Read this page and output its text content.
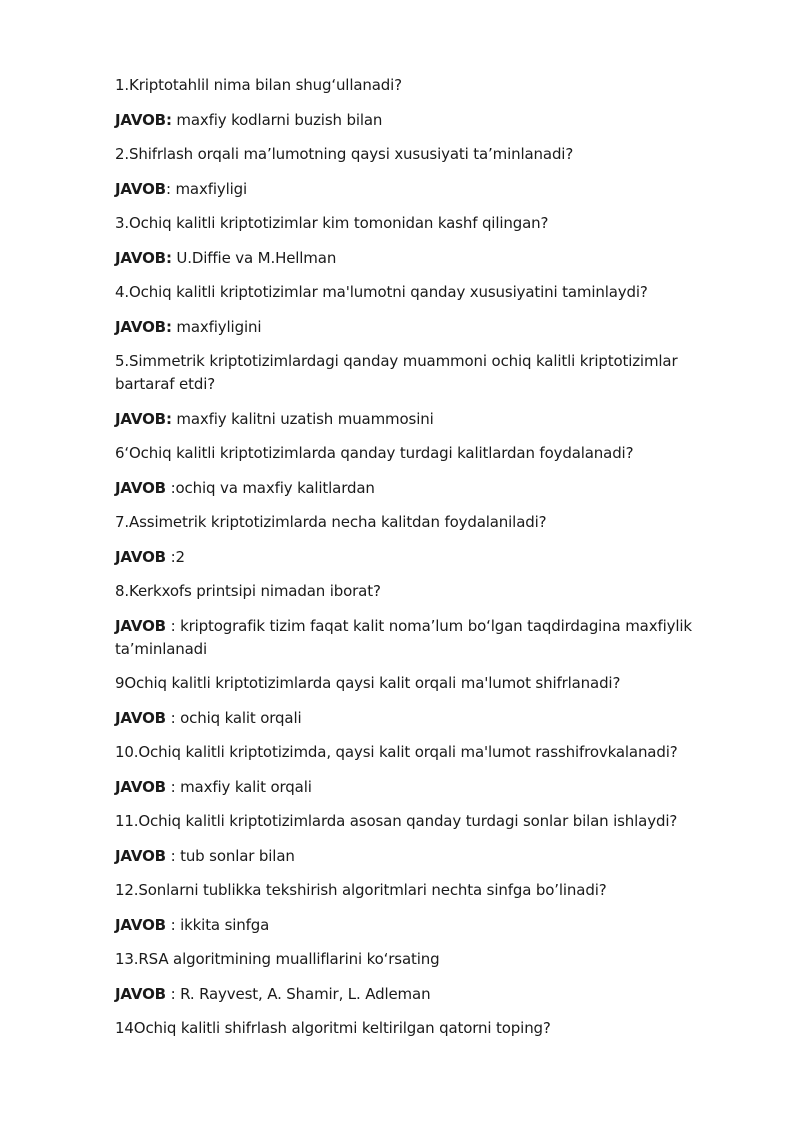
1.Kriptotahlil nima bilan shug‘ullanadi?

JAVOB: maxfiy kodlarni buzish bilan

2.Shifrlash orqali ma’lumotning qaysi xususiyati ta’minlanadi?

JAVOB: maxfiyligi

3.Ochiq kalitli kriptotizimlar kim tomonidan kashf qilingan?

JAVOB: U.Diffie va M.Hellman

4.Ochiq kalitli kriptotizimlar ma'lumotni qanday xususiyatini taminlaydi?

JAVOB: maxfiyligini

5.Simmetrik kriptotizimlardagi qanday muammoni ochiq kalitli kriptotizimlar bartaraf etdi?

JAVOB: maxfiy kalitni uzatish muammosini

6‘Ochiq kalitli kriptotizimlarda qanday turdagi kalitlardan foydalanadi?

JAVOB :ochiq va maxfiy kalitlardan

7.Assimetrik kriptotizimlarda necha kalitdan foydalaniladi?

JAVOB :2

8.Kerkxofs printsipi nimadan iborat?

JAVOB : kriptografik tizim faqat kalit noma’lum bo‘lgan taqdirdagina maxfiylik ta’minlanadi

9Ochiq kalitli kriptotizimlarda qaysi kalit orqali ma'lumot shifrlanadi?

JAVOB : ochiq kalit orqali

10.Ochiq kalitli kriptotizimda, qaysi kalit orqali ma'lumot rasshifrovkalanadi?

JAVOB : maxfiy kalit orqali

11.Ochiq kalitli kriptotizimlarda asosan qanday turdagi sonlar bilan ishlaydi?

JAVOB : tub sonlar bilan

12.Sonlarni tublikka tekshirish algoritmlari nechta sinfga bo’linadi?

JAVOB : ikkita sinfga

13.RSA algoritmining mualliflarini ko‘rsating

JAVOB : R. Rayvest, A. Shamir, L. Adleman

14Ochiq kalitli shifrlash algoritmi keltirilgan qatorni toping?
